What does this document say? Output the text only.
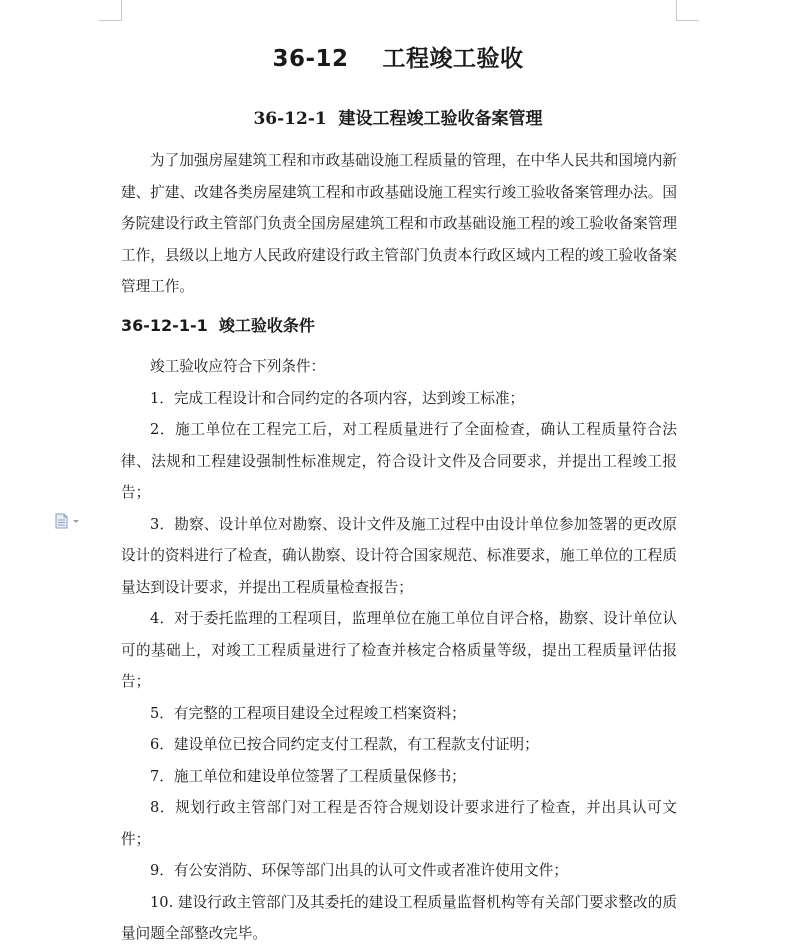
36-12    工程竣工验收
36-12-1  建设工程竣工验收备案管理
为了加强房屋建筑工程和市政基础设施工程质量的管理，在中华人民共和国境内新建、扩建、改建各类房屋建筑工程和市政基础设施工程实行竣工验收备案管理办法。国务院建设行政主管部门负责全国房屋建筑工程和市政基础设施工程的竣工验收备案管理工作，县级以上地方人民政府建设行政主管部门负责本行政区域内工程的竣工验收备案管理工作。
36-12-1-1  竣工验收条件

竣工验收应符合下列条件：

1．完成工程设计和合同约定的各项内容，达到竣工标准；

2．施工单位在工程完工后，对工程质量进行了全面检查，确认工程质量符合法律、法规和工程建设强制性标准规定，符合设计文件及合同要求，并提出工程竣工报告；

3．勘察、设计单位对勘察、设计文件及施工过程中由设计单位参加签署的更改原设计的资料进行了检查，确认勘察、设计符合国家规范、标准要求，施工单位的工程质量达到设计要求，并提出工程质量检查报告；

4．对于委托监理的工程项目，监理单位在施工单位自评合格，勘察、设计单位认可的基础上，对竣工工程质量进行了检查并核定合格质量等级，提出工程质量评估报告；

5．有完整的工程项目建设全过程竣工档案资料；

6．建设单位已按合同约定支付工程款，有工程款支付证明；

7．施工单位和建设单位签署了工程质量保修书；

8．规划行政主管部门对工程是否符合规划设计要求进行了检查，并出具认可文件；

9．有公安消防、环保等部门出具的认可文件或者准许使用文件；

10. 建设行政主管部门及其委托的建设工程质量监督机构等有关部门要求整改的质量问题全部整改完毕。
